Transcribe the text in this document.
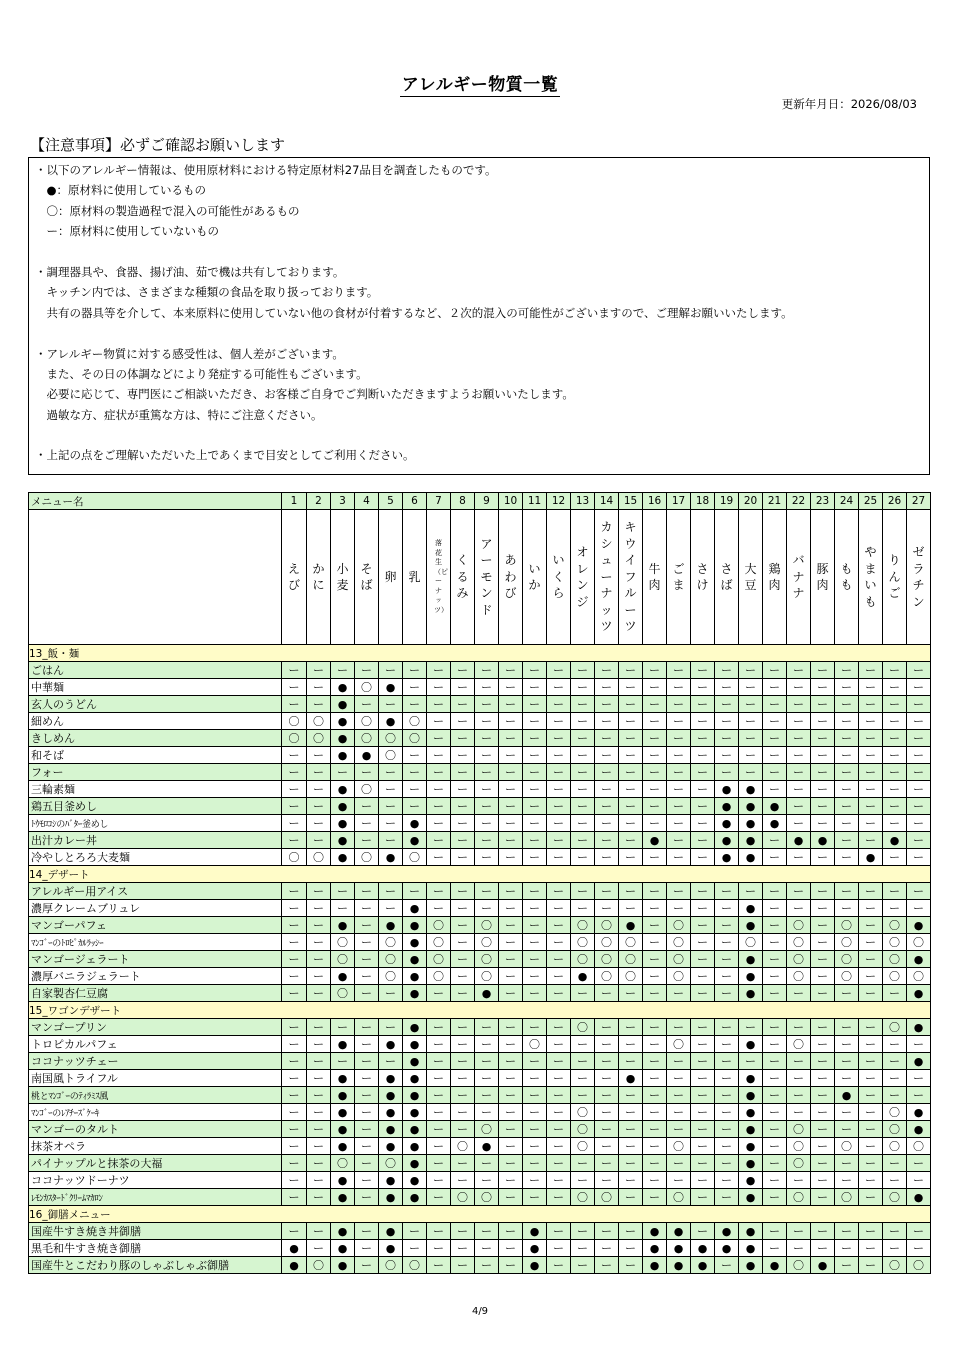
アレルギー物質一覧
更新年月日：2026/08/03
【注意事項】必ずご確認お願いします
・以下のアレルギー情報は、使用原材料における特定原材料27品目を調査したものです。
　●：原材料に使用しているもの
　〇：原材料の製造過程で混入の可能性があるもの
　ー：原材料に使用していないもの
・調理器具や、食器、揚げ油、茹で機は共有しております。
　キッチン内では、さまざまな種類の食品を取り扱っております。
　共有の器具等を介して、本来原料に使用していない他の食材が付着するなど、２次的混入の可能性がございますので、ご理解お願いいたします。
・アレルギー物質に対する感受性は、個人差がございます。
　また、その日の体調などにより発症する可能性もございます。
　必要に応じて、専門医にご相談いただき、お客様ご自身でご判断いただきますようお願いいたします。
　過敏な方、症状が重篤な方は、特にご注意ください。
・上記の点をご理解いただいた上であくまで目安としてご利用ください。
メニュー名	1	2	3	4	5	6	7	8	9	10	11	12	13	14	15	16	17	18	19	20	21	22	23	24	25	26	27

	えび	かに	小麦	そば	卵	乳	落花生（ピーナッツ）	くるみ	アーモンド	あわび	いか	いくら	オレンジ	カシューナッツ	キウイフルーツ	牛肉	ごま	さけ	さば	大豆	鶏肉	バナナ	豚肉	もも	やまいも	りんご	ゼラチン

13_飯・麺																											
ごはん	ー	ー	ー	ー	ー	ー	ー	ー	ー	ー	ー	ー	ー	ー	ー	ー	ー	ー	ー	ー	ー	ー	ー	ー	ー	ー	ー
中華麺	ー	ー	●	〇	●	ー	ー	ー	ー	ー	ー	ー	ー	ー	ー	ー	ー	ー	ー	ー	ー	ー	ー	ー	ー	ー	ー
玄人のうどん	ー	ー	●	ー	ー	ー	ー	ー	ー	ー	ー	ー	ー	ー	ー	ー	ー	ー	ー	ー	ー	ー	ー	ー	ー	ー	ー
細めん	〇	〇	●	〇	●	〇	ー	ー	ー	ー	ー	ー	ー	ー	ー	ー	ー	ー	ー	ー	ー	ー	ー	ー	ー	ー	ー
きしめん	〇	〇	●	〇	〇	〇	ー	ー	ー	ー	ー	ー	ー	ー	ー	ー	ー	ー	ー	ー	ー	ー	ー	ー	ー	ー	ー
和そば	ー	ー	●	●	〇	ー	ー	ー	ー	ー	ー	ー	ー	ー	ー	ー	ー	ー	ー	ー	ー	ー	ー	ー	ー	ー	ー
フォー	ー	ー	ー	ー	ー	ー	ー	ー	ー	ー	ー	ー	ー	ー	ー	ー	ー	ー	ー	ー	ー	ー	ー	ー	ー	ー	ー
三輪素麺	ー	ー	●	〇	ー	ー	ー	ー	ー	ー	ー	ー	ー	ー	ー	ー	ー	ー	●	●	ー	ー	ー	ー	ー	ー	ー
鶏五目釜めし	ー	ー	●	ー	ー	ー	ー	ー	ー	ー	ー	ー	ー	ー	ー	ー	ー	ー	●	●	●	ー	ー	ー	ー	ー	ー
ﾄｳﾓﾛｺｼのﾊﾞﾀｰ釜めし	ー	ー	●	ー	ー	●	ー	ー	ー	ー	ー	ー	ー	ー	ー	ー	ー	ー	●	●	●	ー	ー	ー	ー	ー	ー
出汁カレー丼	ー	ー	●	ー	ー	●	ー	ー	ー	ー	ー	ー	ー	ー	ー	●	ー	ー	●	●	ー	●	●	ー	ー	●	ー
冷やしとろろ大麦麺	〇	〇	●	〇	●	〇	ー	ー	ー	ー	ー	ー	ー	ー	ー	ー	ー	ー	●	●	ー	ー	ー	ー	●	ー	ー
14_デザート																											
アレルギー用アイス	ー	ー	ー	ー	ー	ー	ー	ー	ー	ー	ー	ー	ー	ー	ー	ー	ー	ー	ー	ー	ー	ー	ー	ー	ー	ー	ー
濃厚クレームブリュレ	ー	ー	ー	ー	ー	●	ー	ー	ー	ー	ー	ー	ー	ー	ー	ー	ー	ー	ー	●	ー	ー	ー	ー	ー	ー	ー
マンゴーパフェ	ー	ー	●	ー	●	●	〇	ー	〇	ー	ー	ー	〇	〇	●	ー	〇	ー	ー	●	ー	〇	ー	〇	ー	〇	●
ﾏﾝｺﾞｰのﾄﾛﾋﾟｶﾙﾗｯｼｰ	ー	ー	〇	ー	〇	●	〇	ー	〇	ー	ー	ー	〇	〇	〇	ー	〇	ー	ー	〇	ー	〇	ー	〇	ー	〇	〇
マンゴージェラート	ー	ー	〇	ー	〇	●	〇	ー	〇	ー	ー	ー	〇	〇	〇	ー	〇	ー	ー	●	ー	〇	ー	〇	ー	〇	●
濃厚バニラジェラート	ー	ー	●	ー	〇	●	〇	ー	〇	ー	ー	ー	●	〇	〇	ー	〇	ー	ー	●	ー	〇	ー	〇	ー	〇	〇
自家製杏仁豆腐	ー	ー	〇	ー	ー	●	ー	ー	●	ー	ー	ー	ー	ー	ー	ー	ー	ー	ー	●	ー	ー	ー	ー	ー	ー	●
15_ワゴンデザート																											
マンゴープリン	ー	ー	ー	ー	ー	●	ー	ー	ー	ー	ー	ー	〇	ー	ー	ー	ー	ー	ー	ー	ー	ー	ー	ー	ー	〇	●
トロピカルパフェ	ー	ー	●	ー	●	●	ー	ー	ー	ー	〇	ー	ー	ー	ー	ー	〇	ー	ー	●	ー	〇	ー	ー	ー	ー	ー
ココナッツチェー	ー	ー	ー	ー	ー	●	ー	ー	ー	ー	ー	ー	ー	ー	ー	ー	ー	ー	ー	ー	ー	ー	ー	ー	ー	ー	●
南国風トライフル	ー	ー	●	ー	●	●	ー	ー	ー	ー	ー	ー	ー	ー	●	ー	ー	ー	ー	●	ー	ー	ー	ー	ー	ー	ー
桃とﾏﾝｺﾞｰのﾃｨﾗﾐｽ風	ー	ー	●	ー	●	●	ー	ー	ー	ー	ー	ー	ー	ー	ー	ー	ー	ー	ー	●	ー	ー	ー	●	ー	ー	ー
ﾏﾝｺﾞｰのﾚｱﾁｰｽﾞｹｰｷ	ー	ー	●	ー	●	●	ー	ー	ー	ー	ー	ー	〇	ー	ー	ー	ー	ー	ー	●	ー	ー	ー	ー	ー	〇	●
マンゴーのタルト	ー	ー	●	ー	●	●	ー	ー	〇	ー	ー	ー	〇	ー	ー	ー	ー	ー	ー	●	ー	〇	ー	ー	ー	〇	●
抹茶オペラ	ー	ー	●	ー	●	●	ー	〇	●	ー	ー	ー	〇	ー	ー	ー	〇	ー	ー	●	ー	〇	ー	〇	ー	〇	〇
パイナップルと抹茶の大福	ー	ー	〇	ー	〇	●	ー	ー	ー	ー	ー	ー	ー	ー	ー	ー	ー	ー	ー	●	ー	〇	ー	ー	ー	ー	ー
ココナッツドーナツ	ー	ー	●	ー	●	●	ー	ー	ー	ー	ー	ー	ー	ー	ー	ー	ー	ー	ー	●	ー	ー	ー	ー	ー	ー	ー
ﾚﾓﾝｶｽﾀｰﾄﾞｸﾘｰﾑﾏｶﾛﾝ	ー	ー	●	ー	●	●	ー	〇	〇	ー	ー	ー	〇	〇	ー	ー	〇	ー	ー	●	ー	〇	ー	〇	ー	〇	●
16_御膳メニュー																											
国産牛すき焼き丼御膳	ー	ー	●	ー	●	ー	ー	ー	ー	ー	●	ー	ー	ー	ー	●	●	ー	●	●	ー	ー	ー	ー	ー	ー	ー
黒毛和牛すき焼き御膳	●	ー	●	ー	●	ー	ー	ー	ー	ー	●	ー	ー	ー	ー	●	●	●	●	●	ー	ー	ー	ー	ー	ー	ー
国産牛とこだわり豚のしゃぶしゃぶ御膳	●	〇	●	ー	〇	〇	ー	ー	ー	ー	●	ー	ー	ー	ー	●	●	●	ー	●	●	〇	●	ー	ー	〇	〇
4/9
